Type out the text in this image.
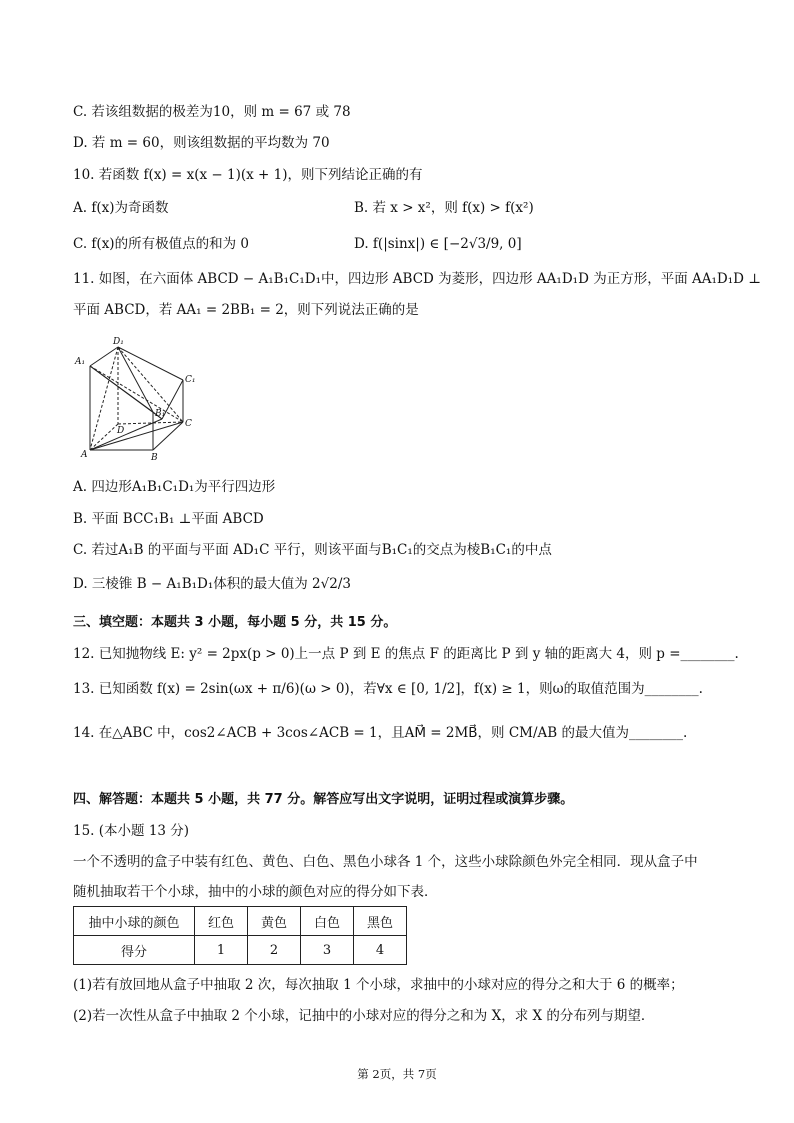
C. 若该组数据的极差为10，则 m = 67 或 78
D. 若 m = 60，则该组数据的平均数为 70
10. 若函数 f(x) = x(x − 1)(x + 1)，则下列结论正确的有
A. f(x)为奇函数	B. 若 x > x²，则 f(x) > f(x²)
C. f(x)的所有极值点的和为 0	D. f(|sinx|) ∈ [−2√3/9, 0]
11. 如图，在六面体 ABCD − A₁B₁C₁D₁中，四边形 ABCD 为菱形，四边形 AA₁D₁D 为正方形，平面 AA₁D₁D ⊥
平面 ABCD，若 AA₁ = 2BB₁ = 2，则下列说法正确的是
D₁
A₁
C₁
B₁
D
C
A	B
A. 四边形A₁B₁C₁D₁为平行四边形
B. 平面 BCC₁B₁ ⊥平面 ABCD
C. 若过A₁B 的平面与平面 AD₁C 平行，则该平面与B₁C₁的交点为棱B₁C₁的中点
D. 三棱锥 B − A₁B₁D₁体积的最大值为 2√2/3
三、填空题：本题共 3 小题，每小题 5 分，共 15 分。
12. 已知抛物线 E: y² = 2px(p > 0)上一点 P 到 E 的焦点 F 的距离比 P 到 y 轴的距离大 4，则 p =________.
13. 已知函数 f(x) = 2sin(ωx + π/6)(ω > 0)，若∀x ∈ [0, 1/2]，f(x) ≥ 1，则ω的取值范围为________.
14. 在△ABC 中，cos2∠ACB + 3cos∠ACB = 1，且AM⃗ = 2MB⃗，则 CM/AB 的最大值为________.
四、解答题：本题共 5 小题，共 77 分。解答应写出文字说明，证明过程或演算步骤。
15. (本小题 13 分)
一个不透明的盒子中装有红色、黄色、白色、黑色小球各 1 个，这些小球除颜色外完全相同．现从盒子中
随机抽取若干个小球，抽中的小球的颜色对应的得分如下表．
抽中小球的颜色	红色	黄色	白色	黑色
得分	1	2	3	4
(1)若有放回地从盒子中抽取 2 次，每次抽取 1 个小球，求抽中的小球对应的得分之和大于 6 的概率；
(2)若一次性从盒子中抽取 2 个小球，记抽中的小球对应的得分之和为 X，求 X 的分布列与期望．
第 2页，共 7页
